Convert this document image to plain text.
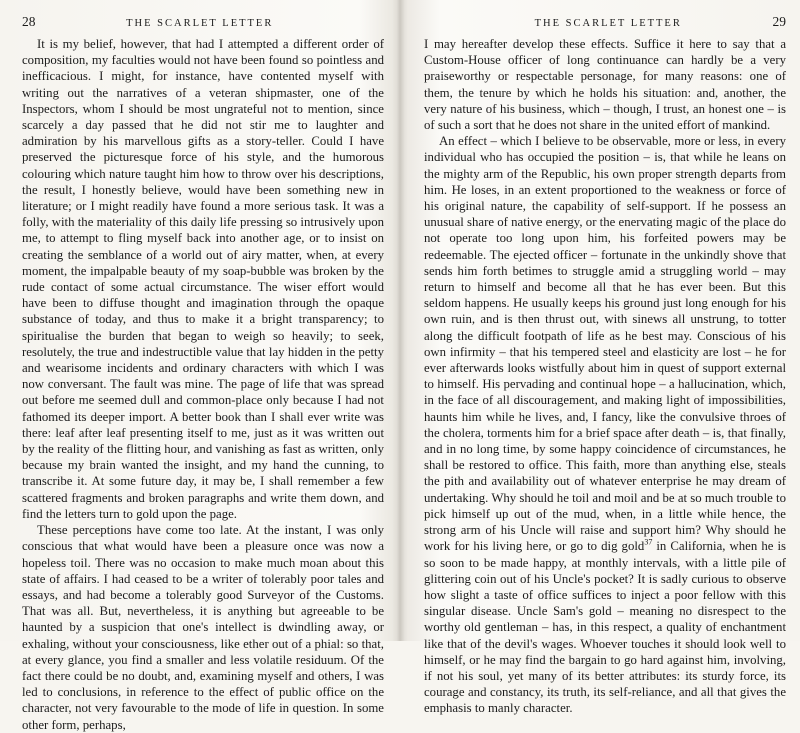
28	THE SCARLET LETTER

It is my belief, however, that had I attempted a different order of composition, my faculties would not have been found so pointless and inefficacious. I might, for instance, have contented myself with writing out the narratives of a veteran shipmaster, one of the Inspectors, whom I should be most ungrateful not to mention, since scarcely a day passed that he did not stir me to laughter and admiration by his marvellous gifts as a story-teller. Could I have preserved the picturesque force of his style, and the humorous colouring which nature taught him how to throw over his descriptions, the result, I honestly believe, would have been something new in literature; or I might readily have found a more serious task. It was a folly, with the materiality of this daily life pressing so intrusively upon me, to attempt to fling myself back into another age, or to insist on creating the semblance of a world out of airy matter, when, at every moment, the impalpable beauty of my soap-bubble was broken by the rude contact of some actual circumstance. The wiser effort would have been to diffuse thought and imagination through the opaque substance of today, and thus to make it a bright transparency; to spiritualise the burden that began to weigh so heavily; to seek, resolutely, the true and indestructible value that lay hidden in the petty and wearisome incidents and ordinary characters with which I was now conversant. The fault was mine. The page of life that was spread out before me seemed dull and common-place only because I had not fathomed its deeper import. A better book than I shall ever write was there: leaf after leaf presenting itself to me, just as it was written out by the reality of the flitting hour, and vanishing as fast as written, only because my brain wanted the insight, and my hand the cunning, to transcribe it. At some future day, it may be, I shall remember a few scattered fragments and broken paragraphs and write them down, and find the letters turn to gold upon the page.

These perceptions have come too late. At the instant, I was only conscious that what would have been a pleasure once was now a hopeless toil. There was no occasion to make much moan about this state of affairs. I had ceased to be a writer of tolerably poor tales and essays, and had become a tolerably good Surveyor of the Customs. That was all. But, nevertheless, it is anything but agreeable to be haunted by a suspicion that one's intellect is dwindling away, or exhaling, without your consciousness, like ether out of a phial: so that, at every glance, you find a smaller and less volatile residuum. Of the fact there could be no doubt, and, examining myself and others, I was led to conclusions, in reference to the effect of public office on the character, not very favourable to the mode of life in question. In some other form, perhaps,

THE SCARLET LETTER	29

I may hereafter develop these effects. Suffice it here to say that a Custom-House officer of long continuance can hardly be a very praiseworthy or respectable personage, for many reasons: one of them, the tenure by which he holds his situation: and, another, the very nature of his business, which – though, I trust, an honest one – is of such a sort that he does not share in the united effort of mankind.

An effect – which I believe to be observable, more or less, in every individual who has occupied the position – is, that while he leans on the mighty arm of the Republic, his own proper strength departs from him. He loses, in an extent proportioned to the weakness or force of his original nature, the capability of self-support. If he possess an unusual share of native energy, or the enervating magic of the place do not operate too long upon him, his forfeited powers may be redeemable. The ejected officer – fortunate in the unkindly shove that sends him forth betimes to struggle amid a struggling world – may return to himself and become all that he has ever been. But this seldom happens. He usually keeps his ground just long enough for his own ruin, and is then thrust out, with sinews all unstrung, to totter along the difficult footpath of life as he best may. Conscious of his own infirmity – that his tempered steel and elasticity are lost – he for ever afterwards looks wistfully about him in quest of support external to himself. His pervading and continual hope – a hallucination, which, in the face of all discouragement, and making light of impossibilities, haunts him while he lives, and, I fancy, like the convulsive throes of the cholera, torments him for a brief space after death – is, that finally, and in no long time, by some happy coincidence of circumstances, he shall be restored to office. This faith, more than anything else, steals the pith and availability out of whatever enterprise he may dream of undertaking. Why should he toil and moil and be at so much trouble to pick himself up out of the mud, when, in a little while hence, the strong arm of his Uncle will raise and support him? Why should he work for his living here, or go to dig gold$^{37}$ in California, when he is so soon to be made happy, at monthly intervals, with a little pile of glittering coin out of his Uncle's pocket? It is sadly curious to observe how slight a taste of office suffices to inject a poor fellow with this singular disease. Uncle Sam's gold – meaning no disrespect to the worthy old gentleman – has, in this respect, a quality of enchantment like that of the devil's wages. Whoever touches it should look well to himself, or he may find the bargain to go hard against him, involving, if not his soul, yet many of its better attributes: its sturdy force, its courage and constancy, its truth, its self-reliance, and all that gives the emphasis to manly character.
